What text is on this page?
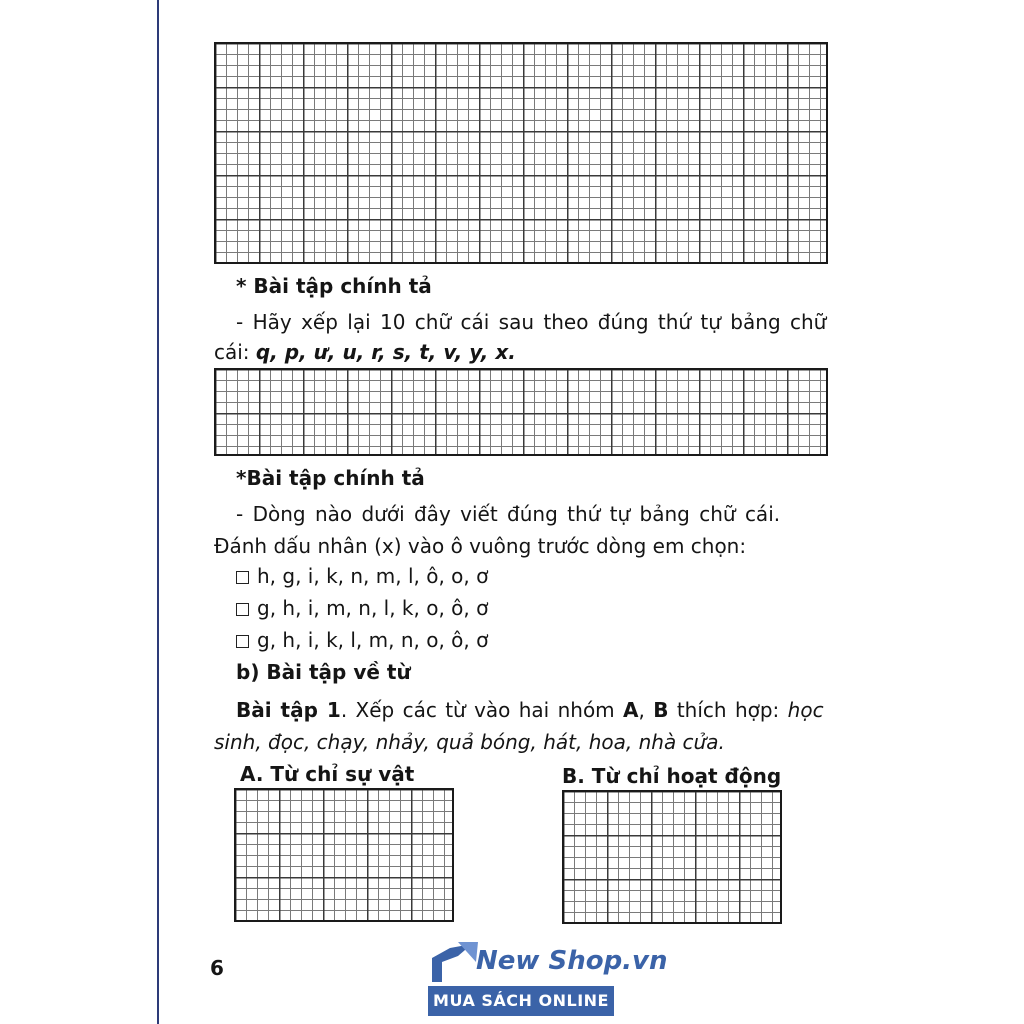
* Bài tập chính tả
- Hãy xếp lại 10 chữ cái sau theo đúng thứ tự bảng chữ
cái: q, p, ư, u, r, s, t, v, y, x.
*Bài tập chính tả
- Dòng nào dưới đây viết đúng thứ tự bảng chữ cái.
Đánh dấu nhân (x) vào ô vuông trước dòng em chọn:
h, g, i, k, n, m, l, ô, o, ơ
g, h, i, m, n, l, k, o, ô, ơ
g, h, i, k, l, m, n, o, ô, ơ
b) Bài tập về từ
Bài tập 1. Xếp các từ vào hai nhóm A, B thích hợp: học
sinh, đọc, chạy, nhảy, quả bóng, hát, hoa, nhà cửa.
A. Từ chỉ sự vật	B. Từ chỉ hoạt động
6	New Shop.vn
MUA SÁCH ONLINE
